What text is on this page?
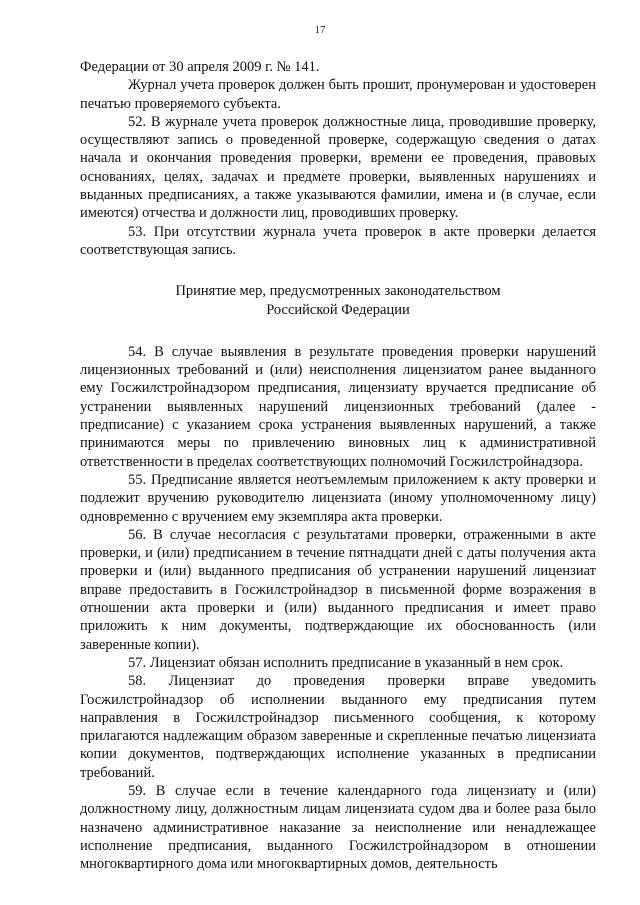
17

Федерации от 30 апреля 2009 г. № 141.

Журнал учета проверок должен быть прошит, пронумерован и удостоверен печатью проверяемого субъекта.

52. В журнале учета проверок должностные лица, проводившие проверку, осуществляют запись о проведенной проверке, содержащую сведения о датах начала и окончания проведения проверки, времени ее проведения, правовых основаниях, целях, задачах и предмете проверки, выявленных нарушениях и выданных предписаниях, а также указываются фамилии, имена и (в случае, если имеются) отчества и должности лиц, проводивших проверку.

53. При отсутствии журнала учета проверок в акте проверки делается соответствующая запись.

Принятие мер, предусмотренных законодательством
Российской Федерации

54. В случае выявления в результате проведения проверки нарушений лицензионных требований и (или) неисполнения лицензиатом ранее выданного ему Госжилстройнадзором предписания, лицензиату вручается предписание об устранении выявленных нарушений лицензионных требований (далее - предписание) с указанием срока устранения выявленных нарушений, а также принимаются меры по привлечению виновных лиц к административной ответственности в пределах соответствующих полномочий Госжилстройнадзора.

55. Предписание является неотъемлемым приложением к акту проверки и подлежит вручению руководителю лицензиата (иному уполномоченному лицу) одновременно с вручением ему экземпляра акта проверки.

56. В случае несогласия с результатами проверки, отраженными в акте проверки, и (или) предписанием в течение пятнадцати дней с даты получения акта проверки и (или) выданного предписания об устранении нарушений лицензиат вправе предоставить в Госжилстройнадзор в письменной форме возражения в отношении акта проверки и (или) выданного предписания и имеет право приложить к ним документы, подтверждающие их обоснованность (или заверенные копии).

57. Лицензиат обязан исполнить предписание в указанный в нем срок.

58. Лицензиат до проведения проверки вправе уведомить Госжилстройнадзор об исполнении выданного ему предписания путем направления в Госжилстройнадзор письменного сообщения, к которому прилагаются надлежащим образом заверенные и скрепленные печатью лицензиата копии документов, подтверждающих исполнение указанных в предписании требований.

59. В случае если в течение календарного года лицензиату и (или) должностному лицу, должностным лицам лицензиата судом два и более раза было назначено административное наказание за неисполнение или ненадлежащее исполнение предписания, выданного Госжилстройнадзором в отношении многоквартирного дома или многоквартирных домов, деятельность
